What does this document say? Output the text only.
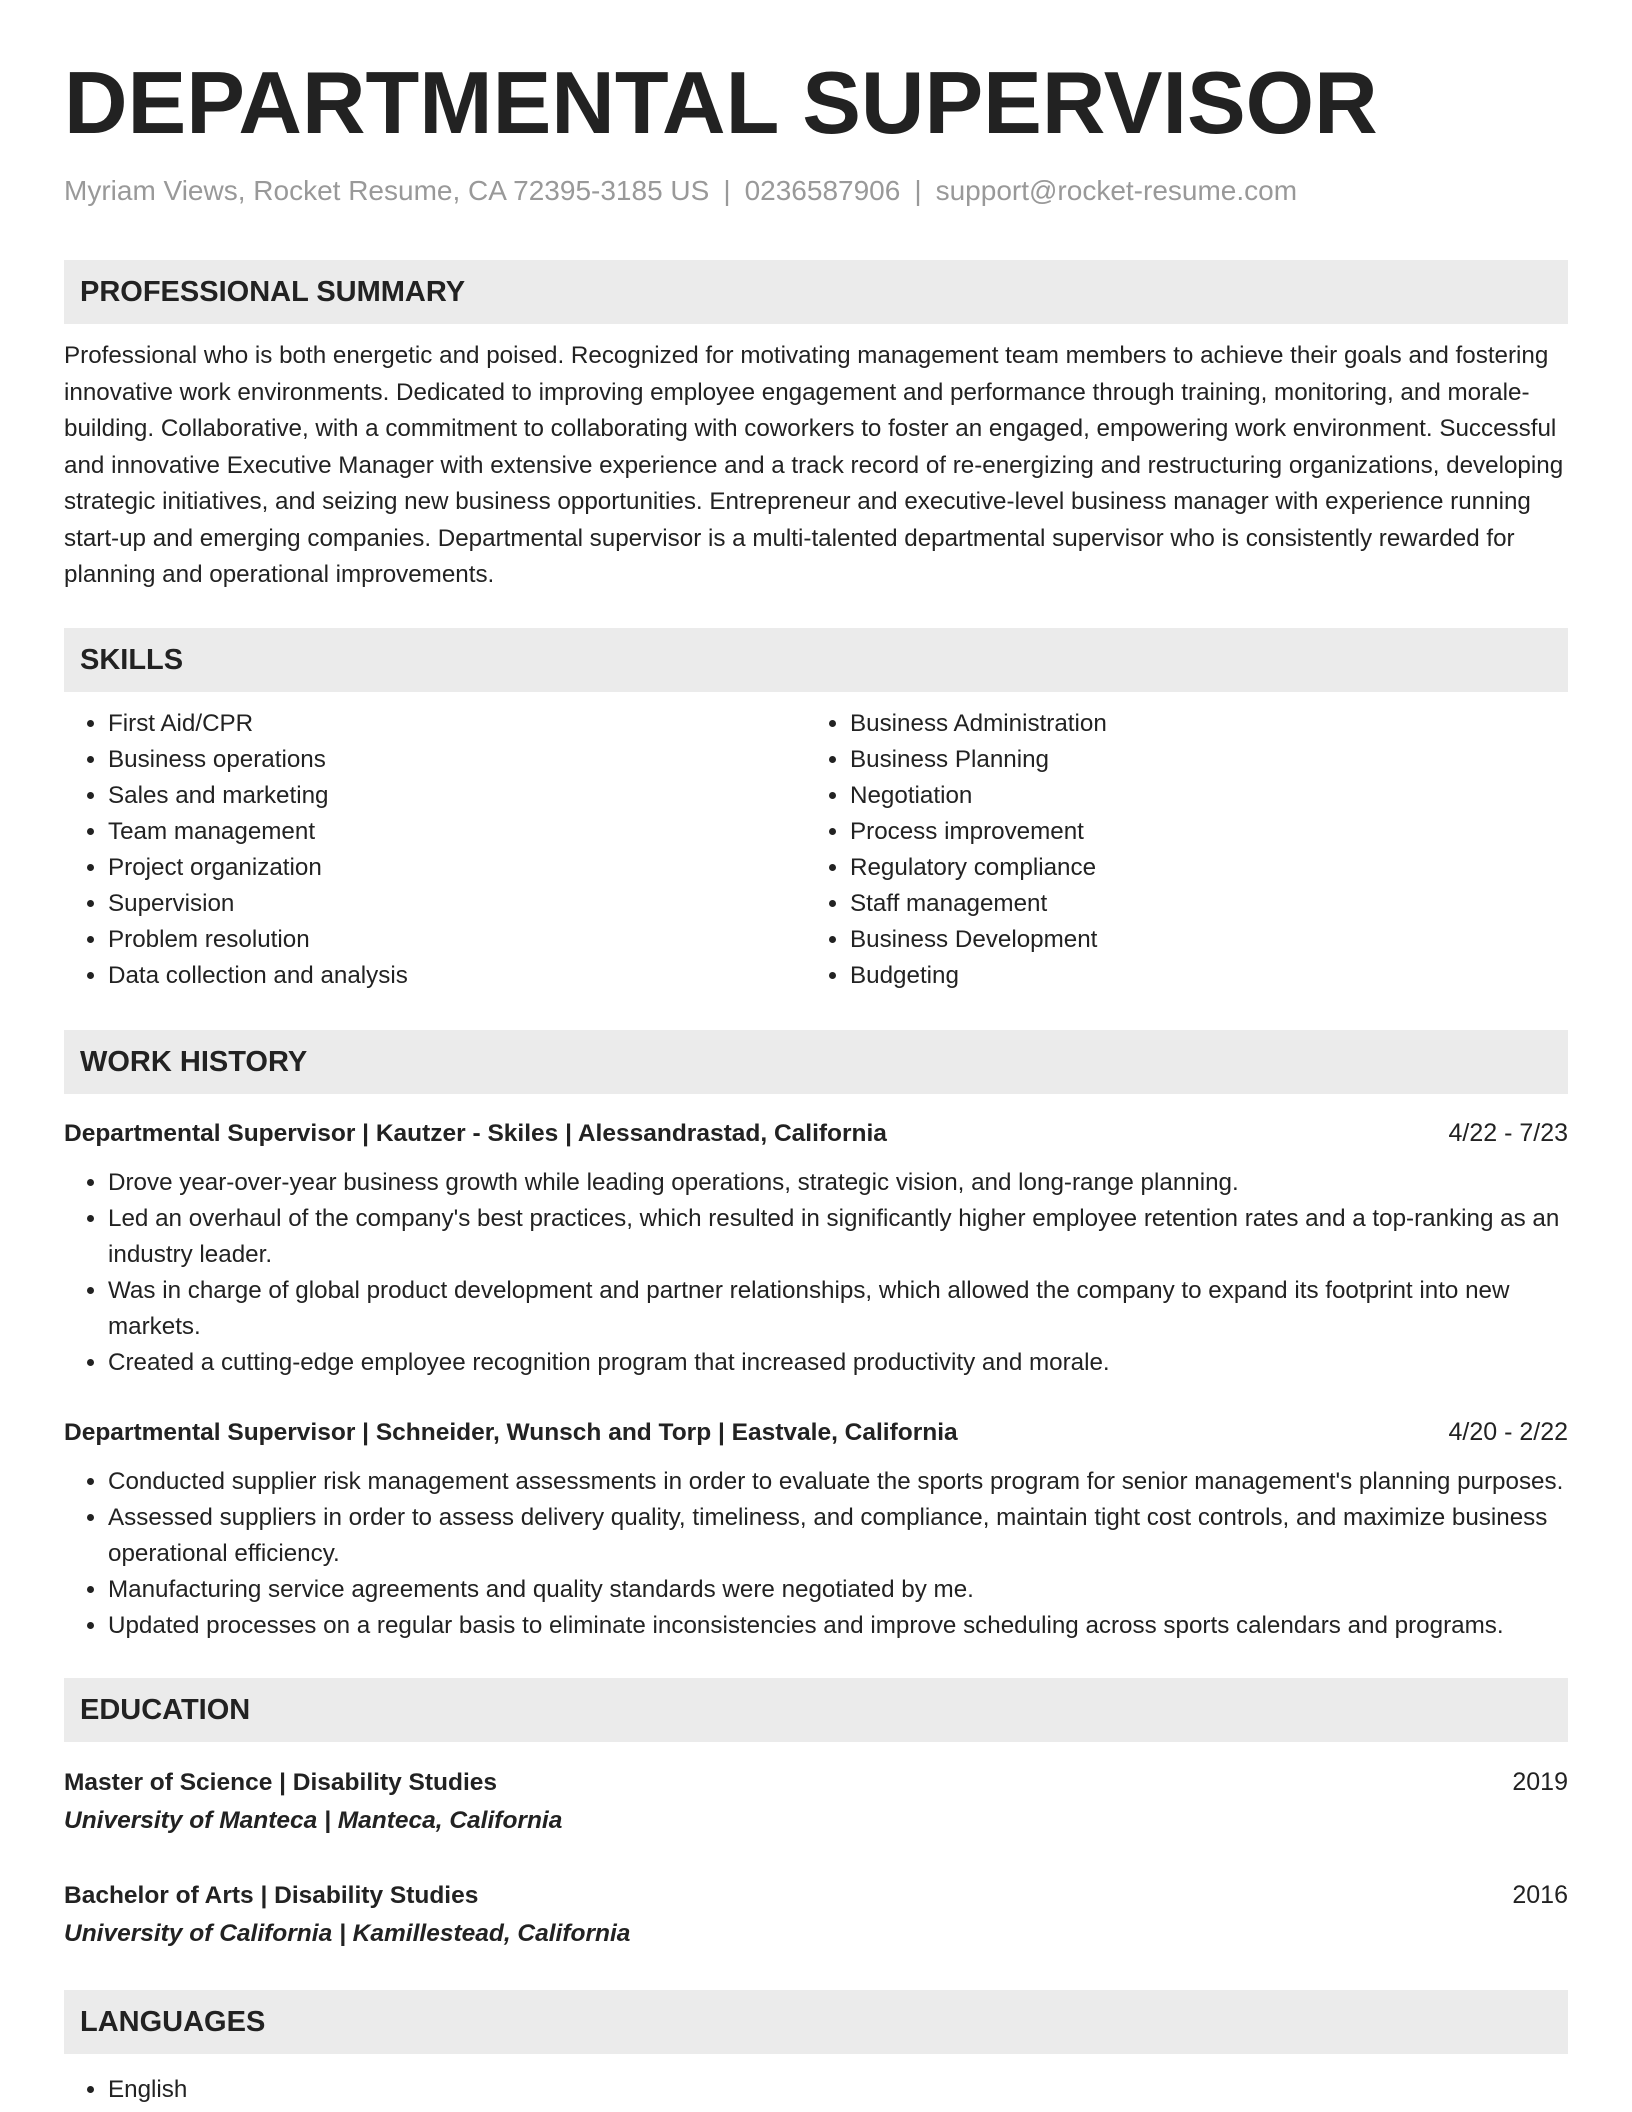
DEPARTMENTAL SUPERVISOR
Myriam Views, Rocket Resume, CA 72395-3185 US | 0236587906 | support@rocket-resume.com
PROFESSIONAL SUMMARY

Professional who is both energetic and poised. Recognized for motivating management team members to achieve their goals and fostering innovative work environments. Dedicated to improving employee engagement and performance through training, monitoring, and morale-building. Collaborative, with a commitment to collaborating with coworkers to foster an engaged, empowering work environment. Successful and innovative Executive Manager with extensive experience and a track record of re-energizing and restructuring organizations, developing strategic initiatives, and seizing new business opportunities. Entrepreneur and executive-level business manager with experience running start-up and emerging companies. Departmental supervisor is a multi-talented departmental supervisor who is consistently rewarded for planning and operational improvements.

SKILLS
• First Aid/CPR
• Business operations
• Sales and marketing
• Team management
• Project organization
• Supervision
• Problem resolution
• Data collection and analysis
• Business Administration
• Business Planning
• Negotiation
• Process improvement
• Regulatory compliance
• Staff management
• Business Development
• Budgeting
WORK HISTORY
Departmental Supervisor | Kautzer - Skiles | Alessandrastad, California	4/22 - 7/23
• Drove year-over-year business growth while leading operations, strategic vision, and long-range planning.
• Led an overhaul of the company's best practices, which resulted in significantly higher employee retention rates and a top-ranking as an industry leader.
• Was in charge of global product development and partner relationships, which allowed the company to expand its footprint into new markets.
• Created a cutting-edge employee recognition program that increased productivity and morale.
Departmental Supervisor | Schneider, Wunsch and Torp | Eastvale, California	4/20 - 2/22
• Conducted supplier risk management assessments in order to evaluate the sports program for senior management's planning purposes.
• Assessed suppliers in order to assess delivery quality, timeliness, and compliance, maintain tight cost controls, and maximize business operational efficiency.
• Manufacturing service agreements and quality standards were negotiated by me.
• Updated processes on a regular basis to eliminate inconsistencies and improve scheduling across sports calendars and programs.
EDUCATION
Master of Science | Disability Studies	2019
University of Manteca | Manteca, California
Bachelor of Arts | Disability Studies	2016
University of California | Kamillestead, California
LANGUAGES
• English
